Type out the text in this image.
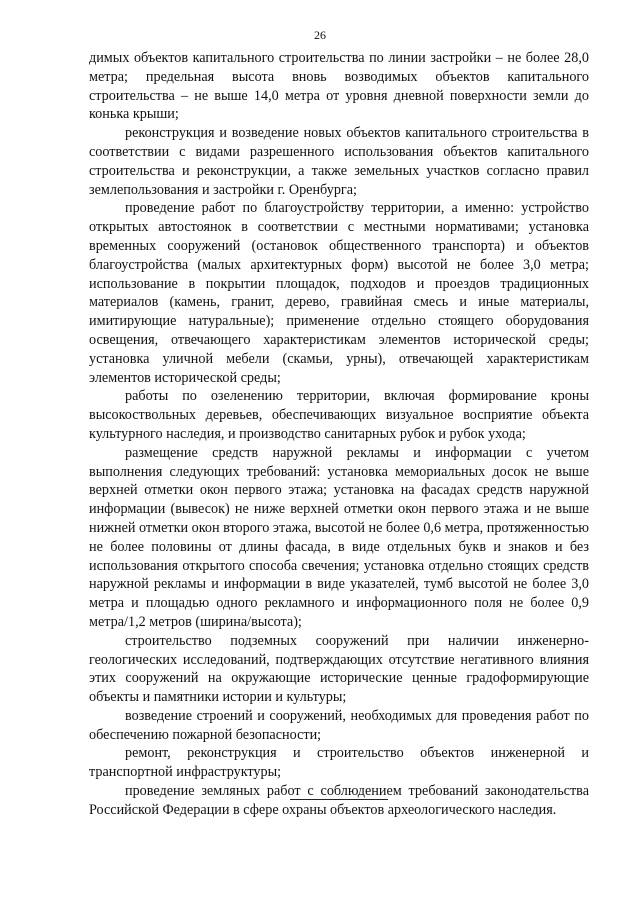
26

димых объектов капитального строительства по линии застройки – не более 28,0 метра; предельная высота вновь возводимых объектов капитального строительства – не выше 14,0 метра от уровня дневной поверхности земли до конька крыши;

реконструкция и возведение новых объектов капитального строительства в соответствии с видами разрешенного использования объектов капитального строительства и реконструкции, а также земельных участков согласно правил землепользования и застройки г. Оренбурга;

проведение работ по благоустройству территории, а именно: устройство открытых автостоянок в соответствии с местными нормативами; установка временных сооружений (остановок общественного транспорта) и объектов благоустройства (малых архитектурных форм) высотой не более 3,0 метра; использование в покрытии площадок, подходов и проездов традиционных материалов (камень, гранит, дерево, гравийная смесь и иные материалы, имитирующие натуральные); применение отдельно стоящего оборудования освещения, отвечающего характеристикам элементов исторической среды; установка уличной мебели (скамьи, урны), отвечающей характеристикам элементов исторической среды;

работы по озеленению территории, включая формирование кроны высокоствольных деревьев, обеспечивающих визуальное восприятие объекта культурного наследия, и производство санитарных рубок и рубок ухода;

размещение средств наружной рекламы и информации с учетом выполнения следующих требований: установка мемориальных досок не выше верхней отметки окон первого этажа; установка на фасадах средств наружной информации (вывесок) не ниже верхней отметки окон первого этажа и не выше нижней отметки окон второго этажа, высотой не более 0,6 метра, протяженностью не более половины от длины фасада, в виде отдельных букв и знаков и без использования открытого способа свечения; установка отдельно стоящих средств наружной рекламы и информации в виде указателей, тумб высотой не более 3,0 метра и площадью одного рекламного и информационного поля не более 0,9 метра/1,2 метров (ширина/высота);

строительство подземных сооружений при наличии инженерно-геологических исследований, подтверждающих отсутствие негативного влияния этих сооружений на окружающие исторические ценные градоформирующие объекты и памятники истории и культуры;

возведение строений и сооружений, необходимых для проведения работ по обеспечению пожарной безопасности;

ремонт, реконструкция и строительство объектов инженерной и транспортной инфраструктуры;

проведение земляных работ с соблюдением требований законодательства Российской Федерации в сфере охраны объектов археологического наследия.
